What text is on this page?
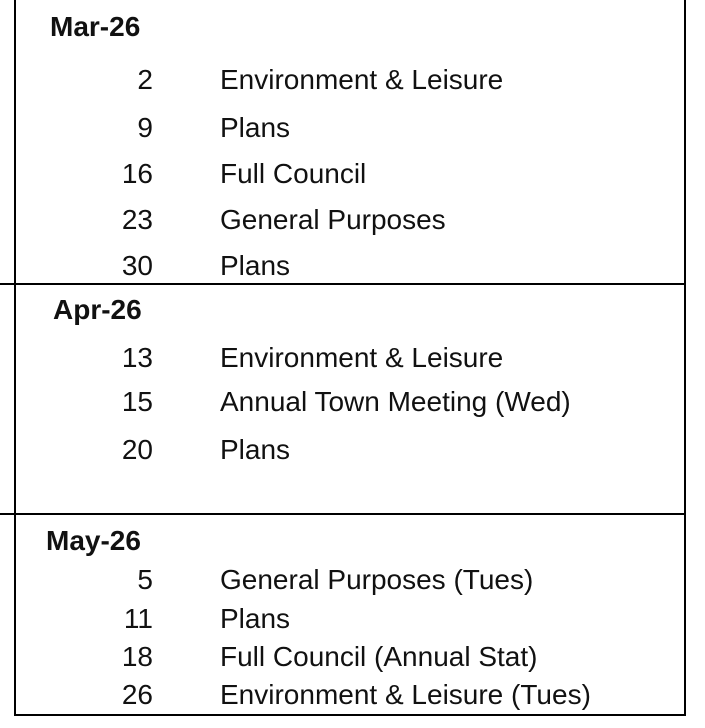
Mar-26
2 Environment & Leisure
9 Plans
16 Full Council
23 General Purposes
30 Plans
Apr-26
13 Environment & Leisure
15 Annual Town Meeting (Wed)
20 Plans
May-26
5 General Purposes (Tues)
11 Plans
18 Full Council (Annual Stat)
26 Environment & Leisure (Tues)
